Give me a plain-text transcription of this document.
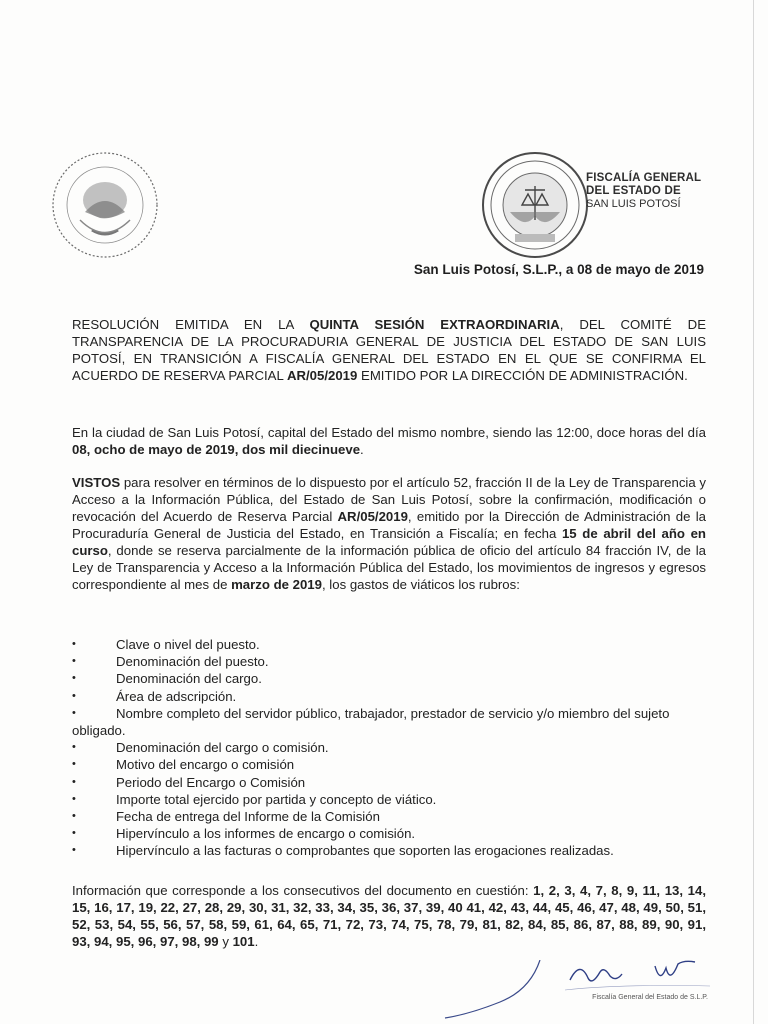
FISCALÍA GENERAL
DEL ESTADO DE
SAN LUIS POTOSÍ
San Luis Potosí, S.L.P., a 08 de mayo de 2019
RESOLUCIÓN EMITIDA EN LA QUINTA SESIÓN EXTRAORDINARIA, DEL COMITÉ DE TRANSPARENCIA DE LA PROCURADURIA GENERAL DE JUSTICIA DEL ESTADO DE SAN LUIS POTOSÍ, EN TRANSICIÓN A FISCALÍA GENERAL DEL ESTADO EN EL QUE SE CONFIRMA EL ACUERDO DE RESERVA PARCIAL AR/05/2019 EMITIDO POR LA DIRECCIÓN DE ADMINISTRACIÓN.
En la ciudad de San Luis Potosí, capital del Estado del mismo nombre, siendo las 12:00, doce horas del día 08, ocho de mayo de 2019, dos mil diecinueve.
VISTOS para resolver en términos de lo dispuesto por el artículo 52, fracción II de la Ley de Transparencia y Acceso a la Información Pública, del Estado de San Luis Potosí, sobre la confirmación, modificación o revocación del Acuerdo de Reserva Parcial AR/05/2019, emitido por la Dirección de Administración de la Procuraduría General de Justicia del Estado, en Transición a Fiscalía; en fecha 15 de abril del año en curso, donde se reserva parcialmente de la información pública de oficio del artículo 84 fracción IV, de la Ley de Transparencia y Acceso a la Información Pública del Estado, los movimientos de ingresos y egresos correspondiente al mes de marzo de 2019, los gastos de viáticos los rubros:
• Clave o nivel del puesto.
• Denominación del puesto.
• Denominación del cargo.
• Área de adscripción.
• Nombre completo del servidor público, trabajador, prestador de servicio y/o miembro del sujeto obligado.
• Denominación del cargo o comisión.
• Motivo del encargo o comisión
• Periodo del Encargo o Comisión
• Importe total ejercido por partida y concepto de viático.
• Fecha de entrega del Informe de la Comisión
• Hipervínculo a los informes de encargo o comisión.
• Hipervínculo a las facturas o comprobantes que soporten las erogaciones realizadas.
Información que corresponde a los consecutivos del documento en cuestión: 1, 2, 3, 4, 7, 8, 9, 11, 13, 14, 15, 16, 17, 19, 22, 27, 28, 29, 30, 31, 32, 33, 34, 35, 36, 37, 39, 40 41, 42, 43, 44, 45, 46, 47, 48, 49, 50, 51, 52, 53, 54, 55, 56, 57, 58, 59, 61, 64, 65, 71, 72, 73, 74, 75, 78, 79, 81, 82, 84, 85, 86, 87, 88, 89, 90, 91, 93, 94, 95, 96, 97, 98, 99 y 101.
Fiscalía General del Estado de S.L.P.
